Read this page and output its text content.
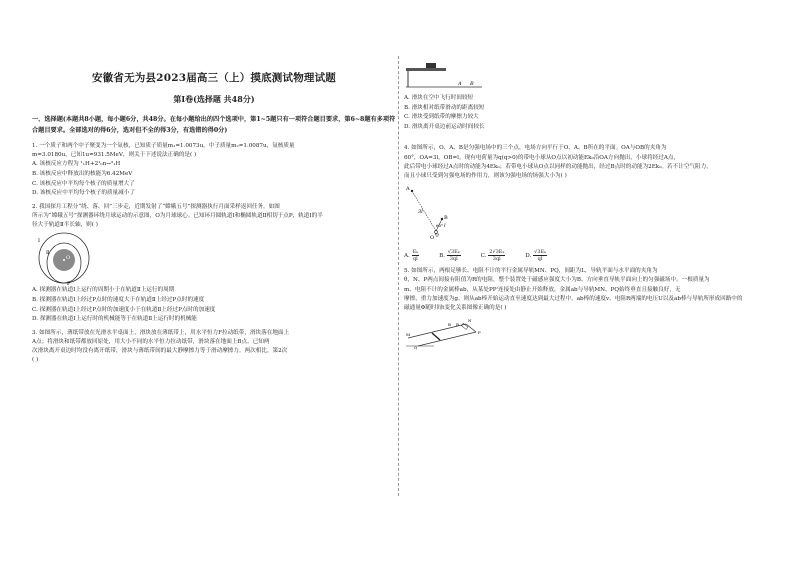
安徽省无为县2023届高三（上）摸底测试物理试题
第Ⅰ卷(选择题 共48分)

一、选择题(本题共8小题，每小题6分，共48分。在每小题给出的四个选项中，第1~5题只有一项符合题目要求，第6~8题有多项符合题目要求。全部选对的得6分，选对但不全的得3分，有选错的得0分)

1. 一个质子和两个中子聚变为一个氚核，已知质子质量m₁=1.0073u，中子质量m₂=1.0087u，氚核质量

m=3.0180u，已知1u=931.5MeV，则关于下述说法正确的是( )

A. 该核反应方程为 ¹₁H+2¹₀n→³₁H

B. 该核反应中释放出的核能为6.42MeV

C. 该核反应中平均每个核子的质量增大了

D. 该核反应中平均每个核子的质量减小了

2. 我国探月工程分“绕、落、回”三步走，近期发射了“嫦娥五号”探测器执行月面采样返回任务。如图

所示为“嫦娥五号”探测器环绕月球运动的示意图，O为月球球心。已知环月圆轨道Ⅰ和椭圆轨道Ⅱ相切于点P，轨道Ⅰ的半

径大于轨道Ⅱ半长轴，则( )

O
Ⅰ
Ⅱ
P

A. 探测器在轨道Ⅰ上运行的周期小于在轨道Ⅱ上运行的周期

B. 探测器在轨道Ⅰ上经过P点时的速度大于在轨道Ⅱ上经过P点时的速度

C. 探测器在轨道Ⅰ上经过P点时的加速度小于在轨道Ⅱ上经过P点时的加速度

D. 探测器在轨道Ⅰ上运行时的机械能等于在轨道Ⅱ上运行时的机械能

3. 如图所示，薄纸带放在光滑水平桌面上，滑块放在薄纸带上，用水平恒力F拉动纸带，滑块落在地面上

A点；将滑块和纸带都放回原处，用大小不同的水平恒力拉动纸带，滑块落在地面上B点。已知两

次滑块离开桌边时均没有离开纸带，滑块与薄纸带间的最大静摩擦力等于滑动摩擦力。两次相比，第2次

( )

A B

A. 滑块在空中飞行时间较短

B. 滑块相对纸带滑动的距离较短

C. 滑块受到纸带的摩擦力较大

D. 滑块离开桌边前运动时间较长

4. 如图所示，O、A、B是匀强电场中的三个点，电场方向平行于O、A、B所在的平面。OA与OB的夹角为

60°，OA=3l，OB=l。现有电荷量为q(q>0)的带电小球从O点以初动能Ek₀沿OA方向抛出，小球将经过A点，

此后带电小球经过A点时的动能为4Ek₀；若带电小球从O点以同样的动能抛出，经过B点时的动能为2Ek₀。若不计空气阻力，

而且小球只受到匀强电场的作用力，则该匀强电场的场强大小为( )

A
B
3l
60° l
O
A. $\frac{\text{Eₖ}}{ql}$	B. $\frac{\text{√3Eₖ}}{3ql}$	C. $\frac{\text{2√3Eₖ}}{3ql}$	D. $\frac{\text{√3Eₖ}}{ql}$

5. 如图所示，两根足够长、电阻不计的平行金属导轨MN、PQ，间距为L，导轨平面与水平面的夹角为

θ，N、P两点间接有阻值为R的电阻，整个装置处于磁感应强度大小为B、方向垂直导轨平面向上的匀强磁场中。一根质量为

m、电阻不计的金属棒ab，从某处PP'连接处由静止开始释放，金属ab与导轨MN、PQ始终垂直且接触良好，无

摩擦，重力加速度为g。则从ab棒开始运动直至速度达到最大过程中，ab棒的速度v、电阻R两端的电压U以及ab棒与导轨所形成回路中的

磁通量Φ随时间t变化关系图像正确的是( )

M
N
P
Q
B R
